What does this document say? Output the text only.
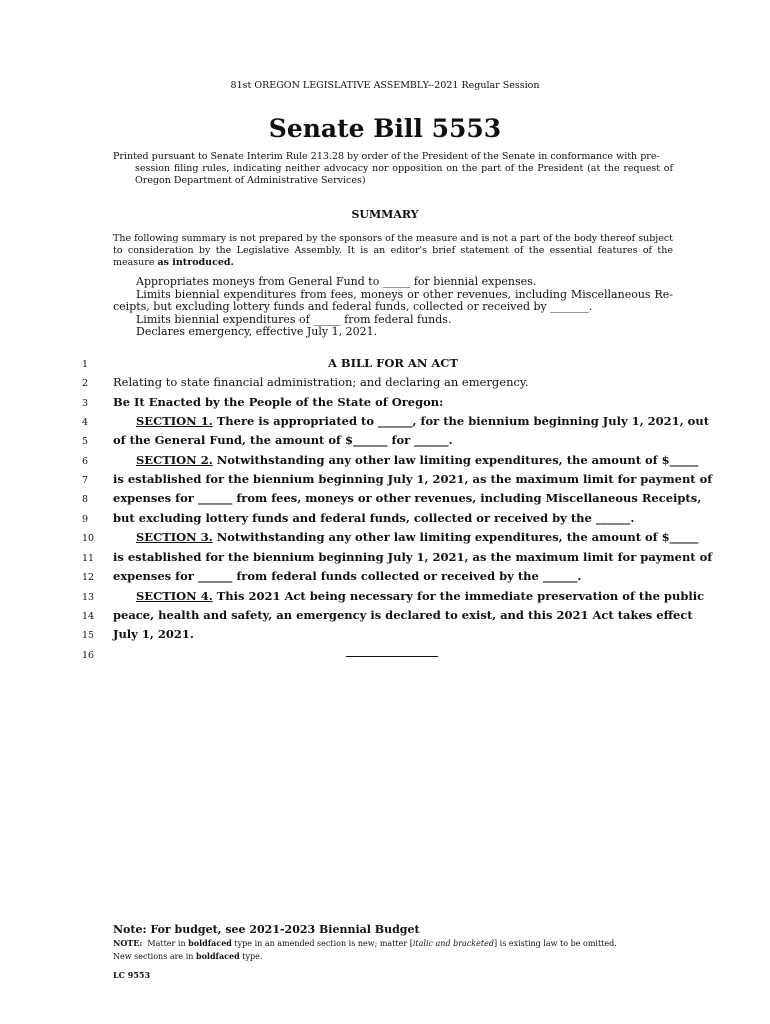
81st OREGON LEGISLATIVE ASSEMBLY--2021 Regular Session
Senate Bill 5553
Printed pursuant to Senate Interim Rule 213.28 by order of the President of the Senate in conformance with pre-
session filing rules, indicating neither advocacy nor opposition on the part of the President (at the request of Oregon Department of Administrative Services)
SUMMARY
The following summary is not prepared by the sponsors of the measure and is not a part of the body thereof subject to consideration by the Legislative Assembly. It is an editor's brief statement of the essential features of the measure as introduced.
Appropriates moneys from General Fund to _____ for biennial expenses.
Limits biennial expenditures from fees, moneys or other revenues, including Miscellaneous Re-
ceipts, but excluding lottery funds and federal funds, collected or received by _______.
Limits biennial expenditures of _____ from federal funds.
Declares emergency, effective July 1, 2021.
1
2
3
4
5
6
7
8
9
10
11
12
13
14
15
16
A BILL FOR AN ACT
Relating to state financial administration; and declaring an emergency.
Be It Enacted by the People of the State of Oregon:
SECTION 1. There is appropriated to ______, for the biennium beginning July 1, 2021, out
of the General Fund, the amount of $______ for ______.
SECTION 2. Notwithstanding any other law limiting expenditures, the amount of $_____
is established for the biennium beginning July 1, 2021, as the maximum limit for payment of
expenses for ______ from fees, moneys or other revenues, including Miscellaneous Receipts,
but excluding lottery funds and federal funds, collected or received by the ______.
SECTION 3. Notwithstanding any other law limiting expenditures, the amount of $_____
is established for the biennium beginning July 1, 2021, as the maximum limit for payment of
expenses for ______ from federal funds collected or received by the ______.
SECTION 4. This 2021 Act being necessary for the immediate preservation of the public
peace, health and safety, an emergency is declared to exist, and this 2021 Act takes effect
July 1, 2021.
Note: For budget, see 2021-2023 Biennial Budget
NOTE: Matter in boldfaced type in an amended section is new; matter [italic and bracketed] is existing law to be omitted.
New sections are in boldfaced type.
LC 9553
